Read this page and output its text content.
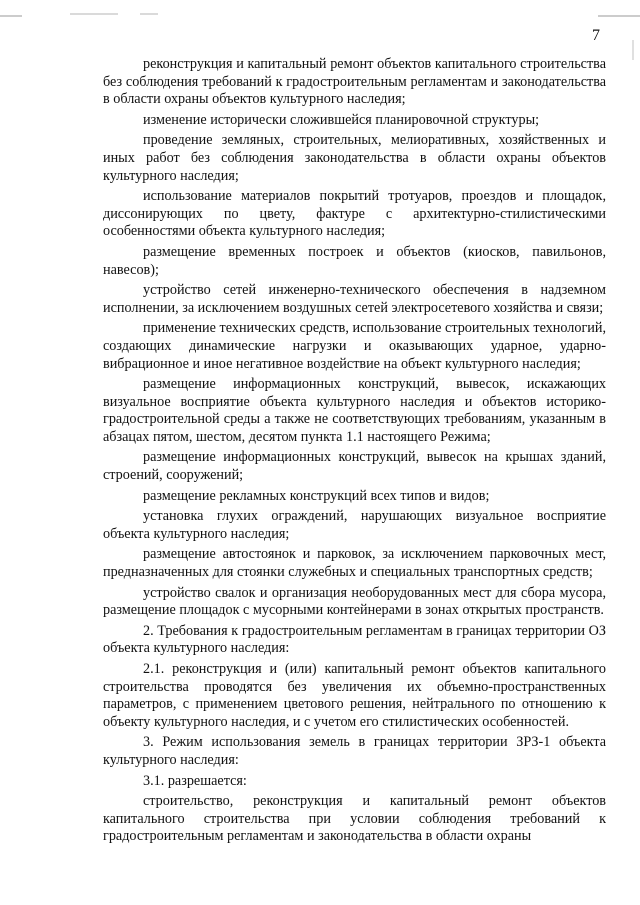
7

реконструкция и капитальный ремонт объектов капитального строительства без соблюдения требований к градостроительным регламентам и законодательства в области охраны объектов культурного наследия;

изменение исторически сложившейся планировочной структуры;

проведение земляных, строительных, мелиоративных, хозяйственных и иных работ без соблюдения законодательства в области охраны объектов культурного наследия;

использование материалов покрытий тротуаров, проездов и площадок, диссонирующих по цвету, фактуре с архитектурно-стилистическими особенностями объекта культурного наследия;

размещение временных построек и объектов (киосков, павильонов, навесов);

устройство сетей инженерно-технического обеспечения в надземном исполнении, за исключением воздушных сетей электросетевого хозяйства и связи;

применение технических средств, использование строительных технологий, создающих динамические нагрузки и оказывающих ударное, ударно-вибрационное и иное негативное воздействие на объект культурного наследия;

размещение информационных конструкций, вывесок, искажающих визуальное восприятие объекта культурного наследия и объектов историко-градостроительной среды а также не соответствующих требованиям, указанным в абзацах пятом, шестом, десятом пункта 1.1 настоящего Режима;

размещение информационных конструкций, вывесок на крышах зданий, строений, сооружений;

размещение рекламных конструкций всех типов и видов;

установка глухих ограждений, нарушающих визуальное восприятие объекта культурного наследия;

размещение автостоянок и парковок, за исключением парковочных мест, предназначенных для стоянки служебных и специальных транспортных средств;

устройство свалок и организация необорудованных мест для сбора мусора, размещение площадок с мусорными контейнерами в зонах открытых пространств.

2. Требования к градостроительным регламентам в границах территории ОЗ объекта культурного наследия:

2.1. реконструкция и (или) капитальный ремонт объектов капитального строительства проводятся без увеличения их объемно-пространственных параметров, с применением цветового решения, нейтрального по отношению к объекту культурного наследия, и с учетом его стилистических особенностей.

3. Режим использования земель в границах территории ЗРЗ-1 объекта культурного наследия:

3.1. разрешается:

строительство, реконструкция и капитальный ремонт объектов капитального строительства при условии соблюдения требований к градостроительным регламентам и законодательства в области охраны
